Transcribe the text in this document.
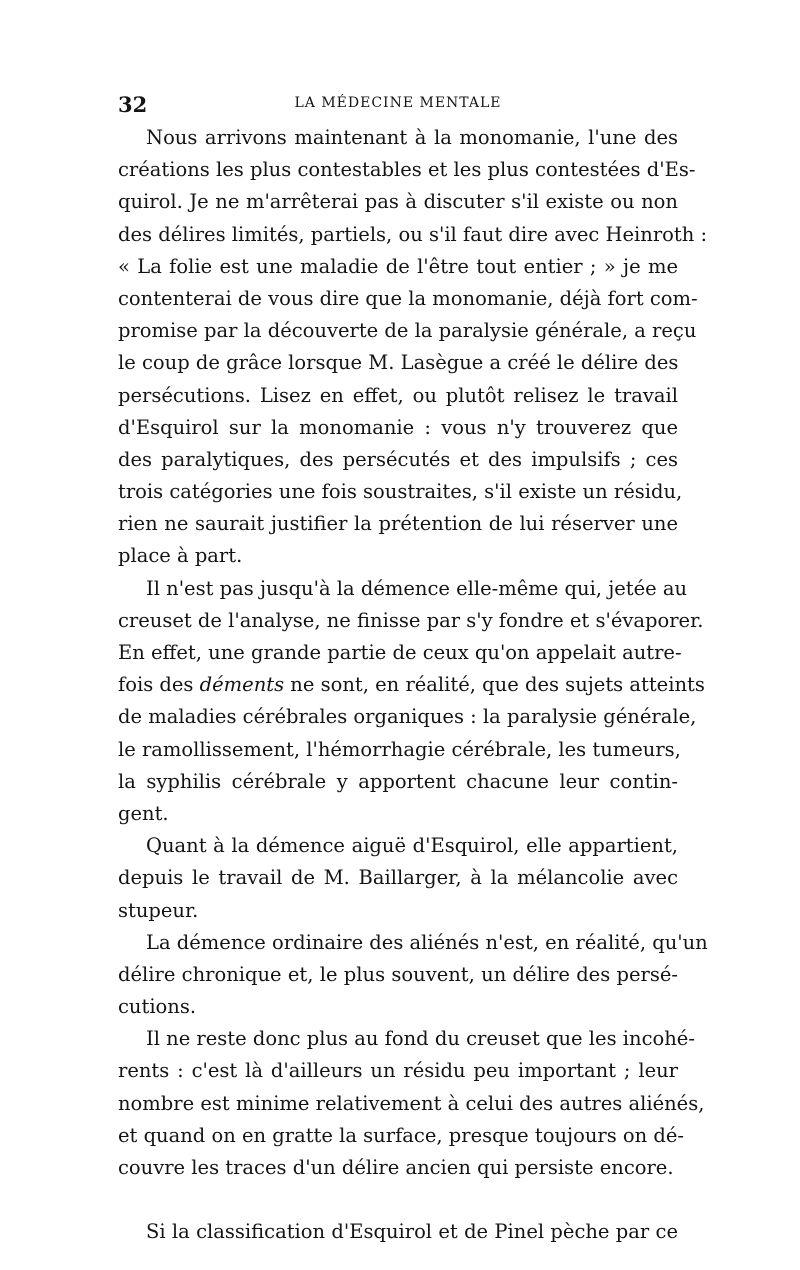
32	LA MÉDECINE MENTALE
Nous arrivons maintenant à la monomanie, l'une des
créations les plus contestables et les plus contestées d'Es-
quirol. Je ne m'arrêterai pas à discuter s'il existe ou non
des délires limités, partiels, ou s'il faut dire avec Heinroth :
« La folie est une maladie de l'être tout entier ; » je me
contenterai de vous dire que la monomanie, déjà fort com-
promise par la découverte de la paralysie générale, a reçu
le coup de grâce lorsque M. Lasègue a créé le délire des
persécutions. Lisez en effet, ou plutôt relisez le travail
d'Esquirol sur la monomanie : vous n'y trouverez que
des paralytiques, des persécutés et des impulsifs ; ces
trois catégories une fois soustraites, s'il existe un résidu,
rien ne saurait justifier la prétention de lui réserver une
place à part.
Il n'est pas jusqu'à la démence elle-même qui, jetée au
creuset de l'analyse, ne finisse par s'y fondre et s'évaporer.
En effet, une grande partie de ceux qu'on appelait autre-
fois des déments ne sont, en réalité, que des sujets atteints
de maladies cérébrales organiques : la paralysie générale,
le ramollissement, l'hémorrhagie cérébrale, les tumeurs,
la syphilis cérébrale y apportent chacune leur contin-
gent.
Quant à la démence aiguë d'Esquirol, elle appartient,
depuis le travail de M. Baillarger, à la mélancolie avec
stupeur.
La démence ordinaire des aliénés n'est, en réalité, qu'un
délire chronique et, le plus souvent, un délire des persé-
cutions.
Il ne reste donc plus au fond du creuset que les incohé-
rents : c'est là d'ailleurs un résidu peu important ; leur
nombre est minime relativement à celui des autres aliénés,
et quand on en gratte la surface, presque toujours on dé-
couvre les traces d'un délire ancien qui persiste encore.
Si la classification d'Esquirol et de Pinel pèche par ce
